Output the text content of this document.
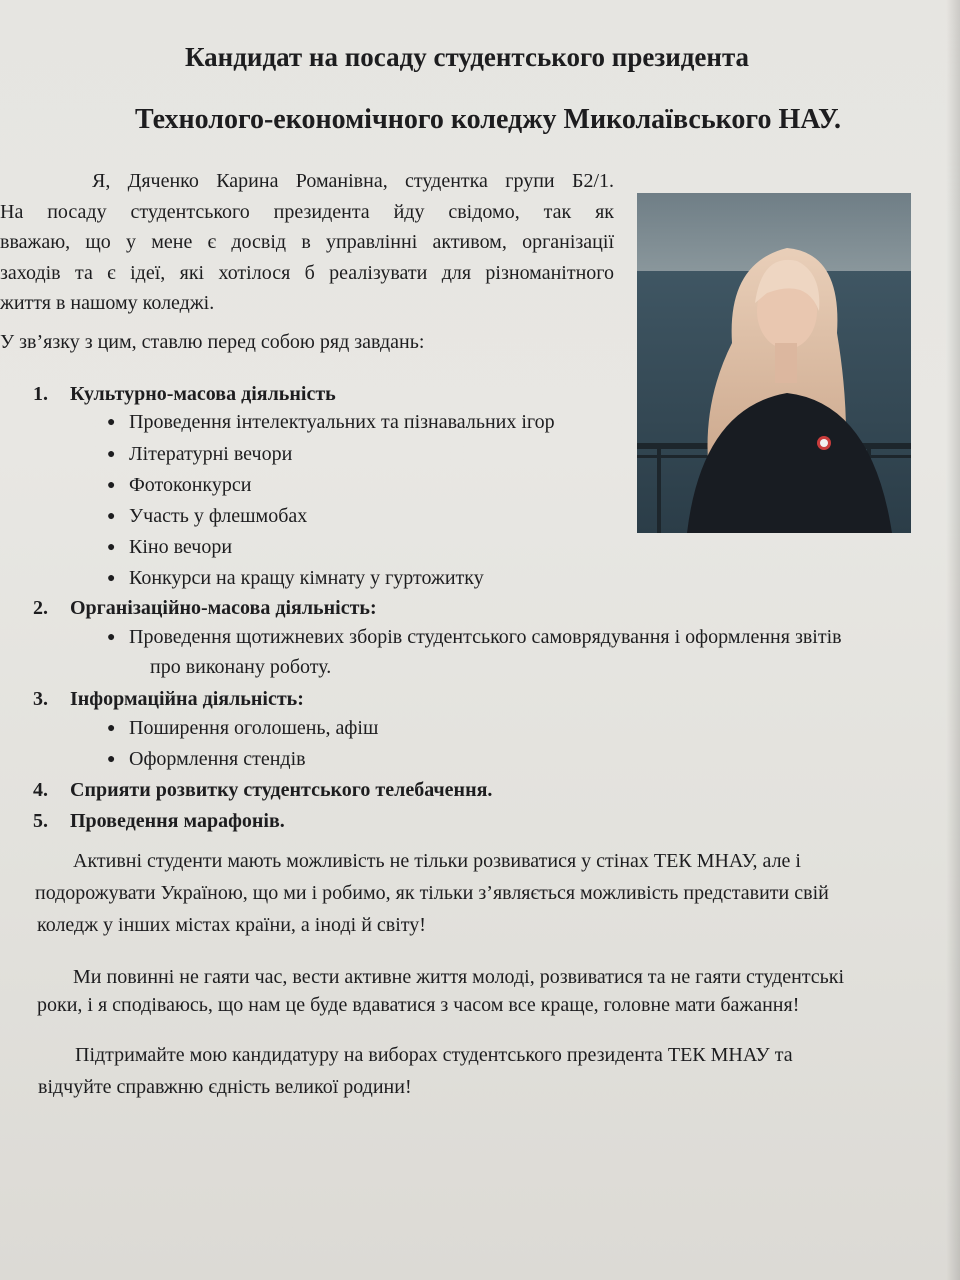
Кандидат на посаду студентського президента
Технолого-економічного коледжу Миколаївського НАУ.
Я, Дяченко Карина Романівна, студентка групи Б2/1.
На посаду студентського президента йду свідомо, так як
вважаю, що у мене є досвід в управлінні активом, організації
заходів та є ідеї, які хотілося б реалізувати для різноманітного
життя в нашому коледжі.
У зв’язку з цим, ставлю перед собою ряд завдань:
1. Культурно-масова діяльність
● Проведення інтелектуальних та пізнавальних ігор
● Літературні вечори
● Фотоконкурси
● Участь у флешмобах
● Кіно вечори
● Конкурси на кращу кімнату у гуртожитку
2. Організаційно-масова діяльність:
● Проведення щотижневих зборів студентського самоврядування і оформлення звітів
про виконану роботу.
3. Інформаційна діяльність:
● Поширення оголошень, афіш
● Оформлення стендів
4. Сприяти розвитку студентського телебачення.
5. Проведення марафонів.
Активні студенти мають можливість не тільки розвиватися у стінах ТЕК МНАУ, але і
подорожувати Україною, що ми і робимо, як тільки з’являється можливість представити свій
коледж у інших містах країни, а іноді й світу!
Ми повинні не гаяти час, вести активне життя молоді, розвиватися та не гаяти студентські
роки, і я сподіваюсь, що нам це буде вдаватися з часом все краще, головне мати бажання!
Підтримайте мою кандидатуру на виборах студентського президента ТЕК МНАУ та
відчуйте справжню єдність великої родини!
